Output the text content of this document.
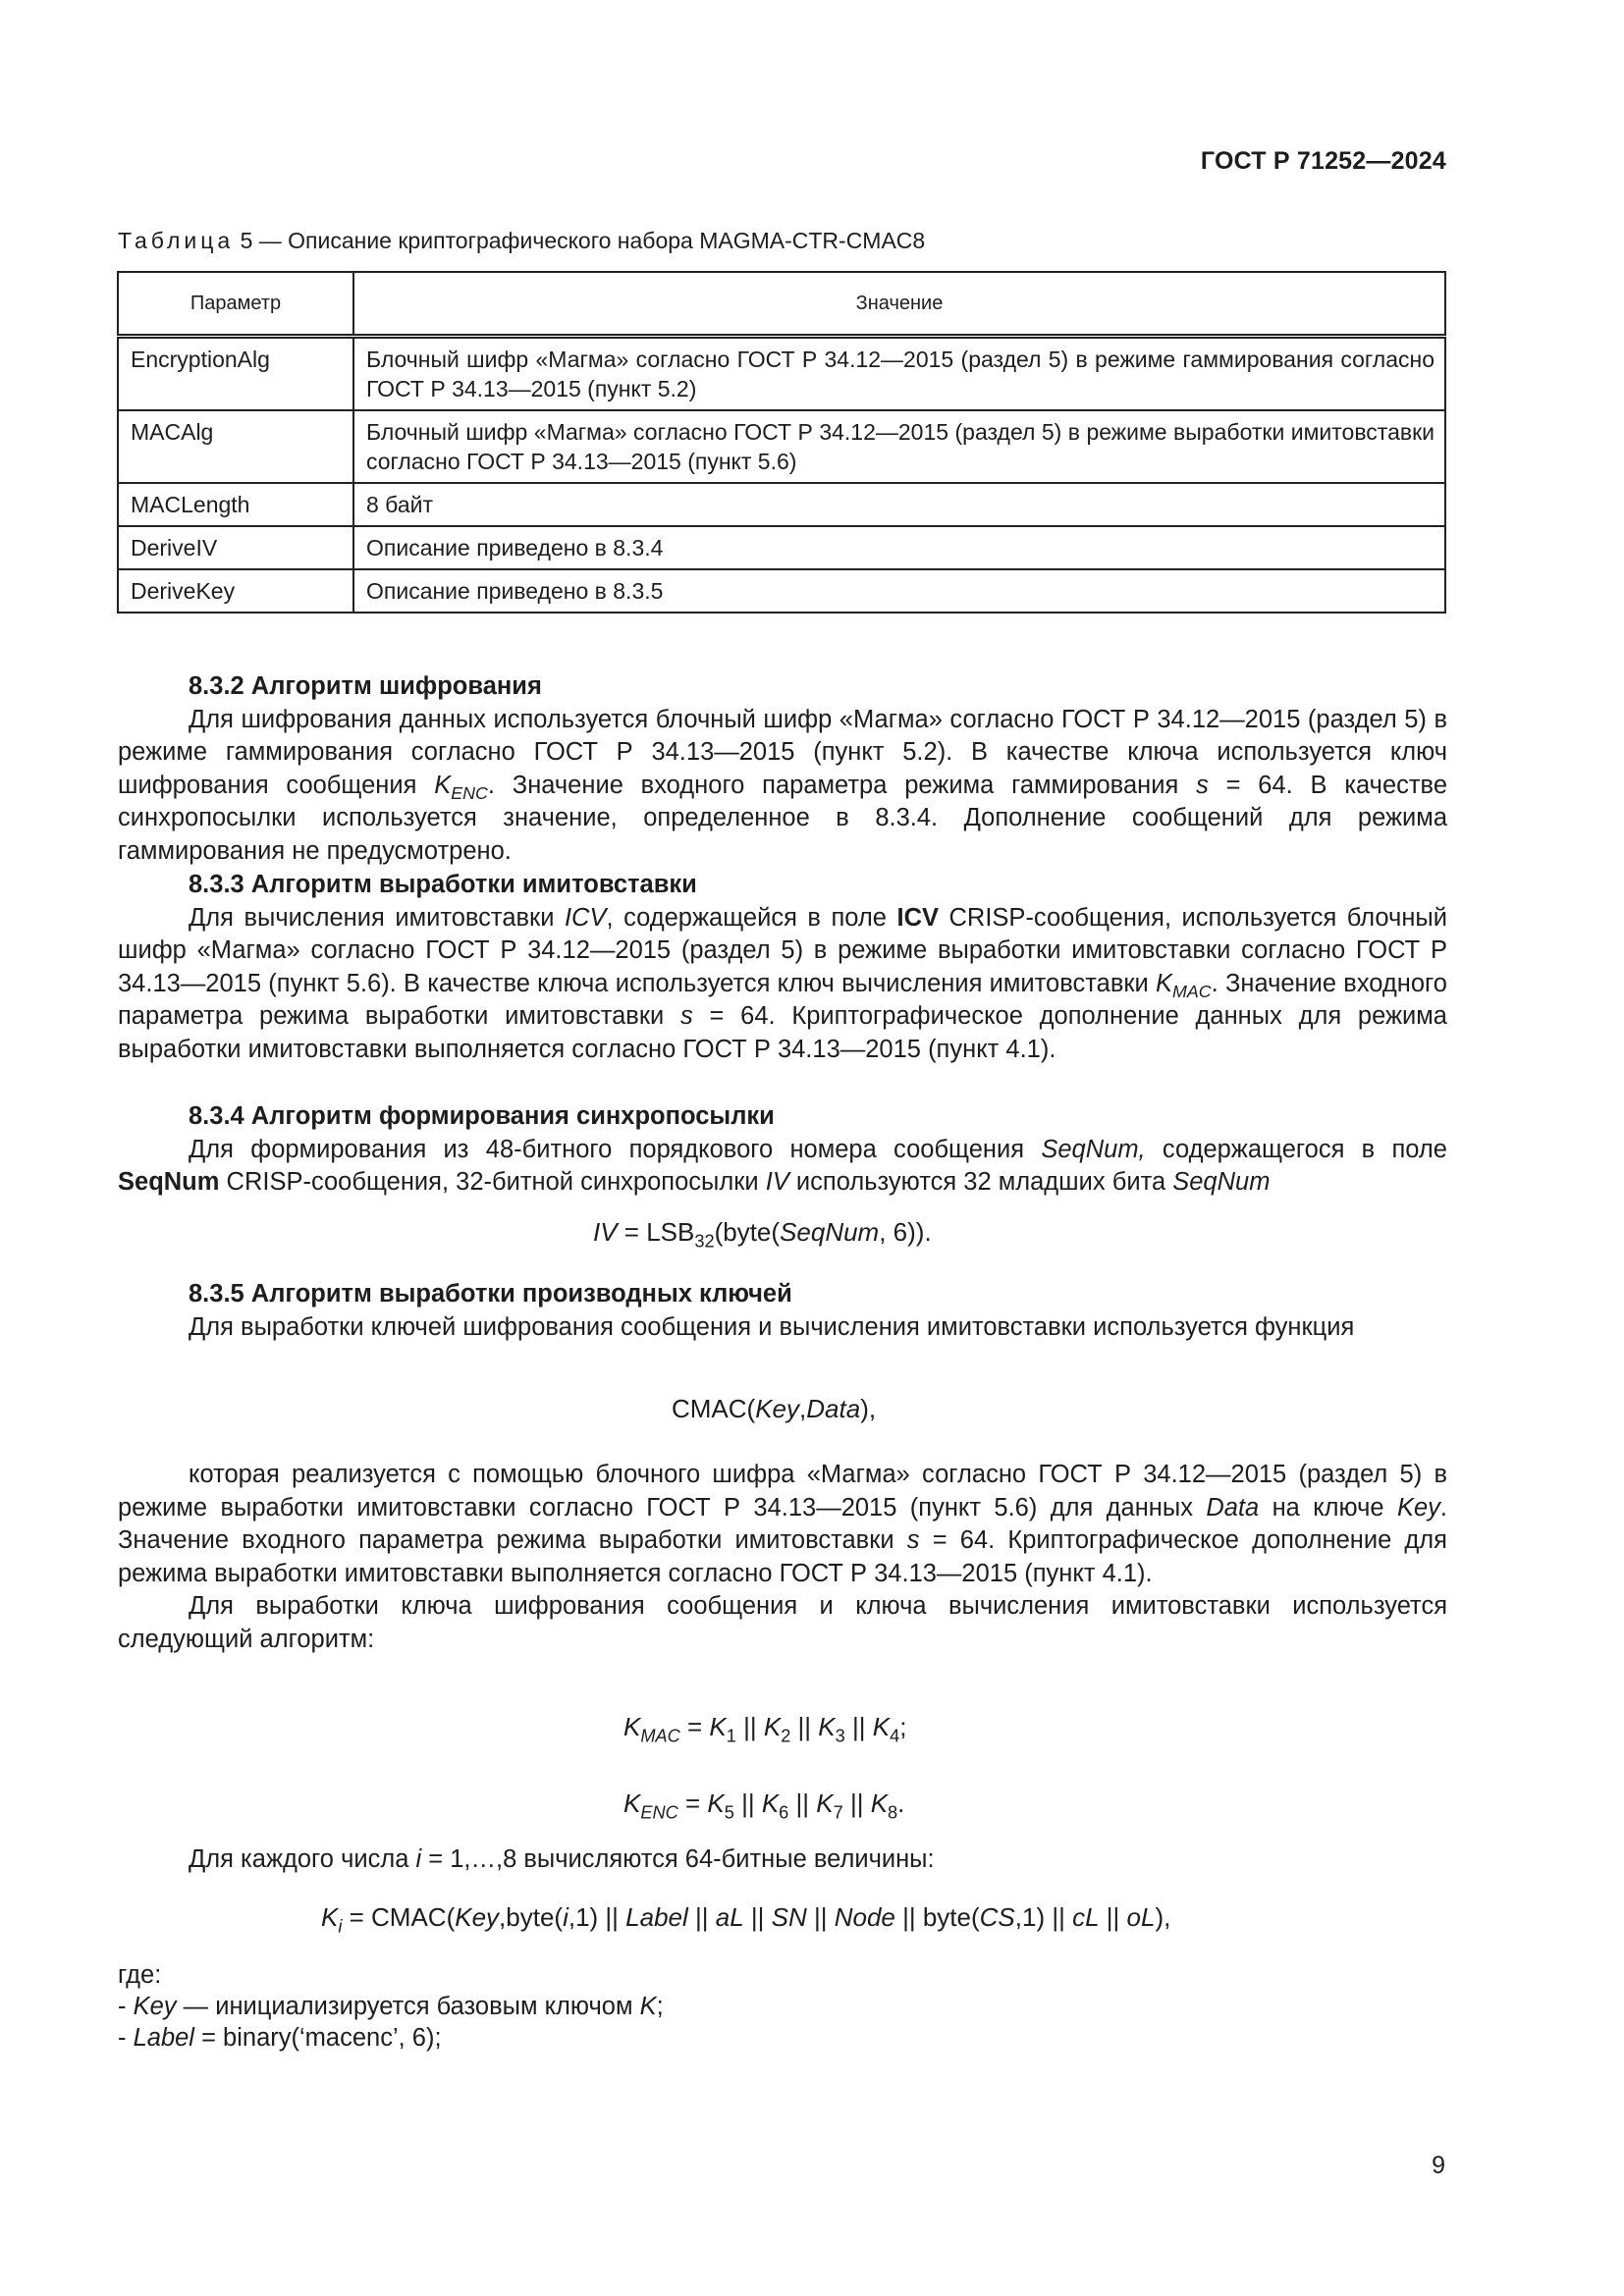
ГОСТ Р 71252—2024
Таблица 5 — Описание криптографического набора MAGMA-CTR-CMAC8
Параметр	Значение
EncryptionAlg	Блочный шифр «Магма» согласно ГОСТ Р 34.12—2015 (раздел 5) в режиме гаммирования согласно ГОСТ Р 34.13—2015 (пункт 5.2)
MACAlg	Блочный шифр «Магма» согласно ГОСТ Р 34.12—2015 (раздел 5) в режиме выработки имитовставки согласно ГОСТ Р 34.13—2015 (пункт 5.6)
MACLength	8 байт
DeriveIV	Описание приведено в 8.3.4
DeriveKey	Описание приведено в 8.3.5
8.3.2 Алгоритм шифрования

Для шифрования данных используется блочный шифр «Магма» согласно ГОСТ Р 34.12—2015 (раздел 5) в режиме гаммирования согласно ГОСТ Р 34.13—2015 (пункт 5.2). В качестве ключа используется ключ шифрования сообщения $K_{ENC}$. Значение входного параметра режима гаммирования s = 64. В качестве синхропосылки используется значение, определенное в 8.3.4. Дополнение сообщений для режима гаммирования не предусмотрено.

8.3.3 Алгоритм выработки имитовставки

Для вычисления имитовставки ICV, содержащейся в поле ICV CRISP-сообщения, используется блочный шифр «Магма» согласно ГОСТ Р 34.12—2015 (раздел 5) в режиме выработки имитовставки согласно ГОСТ Р 34.13—2015 (пункт 5.6). В качестве ключа используется ключ вычисления имитовставки $K_{MAC}$. Значение входного параметра режима выработки имитовставки s = 64. Криптографическое дополнение данных для режима выработки имитовставки выполняется согласно ГОСТ Р 34.13—2015 (пункт 4.1).

8.3.4 Алгоритм формирования синхропосылки

Для формирования из 48-битного порядкового номера сообщения SeqNum, содержащегося в поле SeqNum CRISP-сообщения, 32-битной синхропосылки IV используются 32 младших бита SeqNum

IV = $LSB_{32}(byte(SeqNum$, 6)).
8.3.5 Алгоритм выработки производных ключей

Для выработки ключей шифрования сообщения и вычисления имитовставки используется функция

CMAC(Key,Data),

которая реализуется с помощью блочного шифра «Магма» согласно ГОСТ Р 34.12—2015 (раздел 5) в режиме выработки имитовставки согласно ГОСТ Р 34.13—2015 (пункт 5.6) для данных Data на ключе Key. Значение входного параметра режима выработки имитовставки s = 64. Криптографическое дополнение для режима выработки имитовставки выполняется согласно ГОСТ Р 34.13—2015 (пункт 4.1).

Для выработки ключа шифрования сообщения и ключа вычисления имитовставки используется следующий алгоритм:

$K_{MAC} = K_1$ || $K_2$ || $K_3$ || $K_4$;
$K_{ENC} = K_5$ || $K_6$ || $K_7$ || $K_8$.

Для каждого числа i = 1,…,8 вычисляются 64-битные величины:

$K_i$ = CMAC(Key,byte(i,1) || Label || aL || SN || Node || byte(CS,1) || cL || oL),
где:
- Key — инициализируется базовым ключом K;
- Label = binary(‘macenc’, 6);
9
